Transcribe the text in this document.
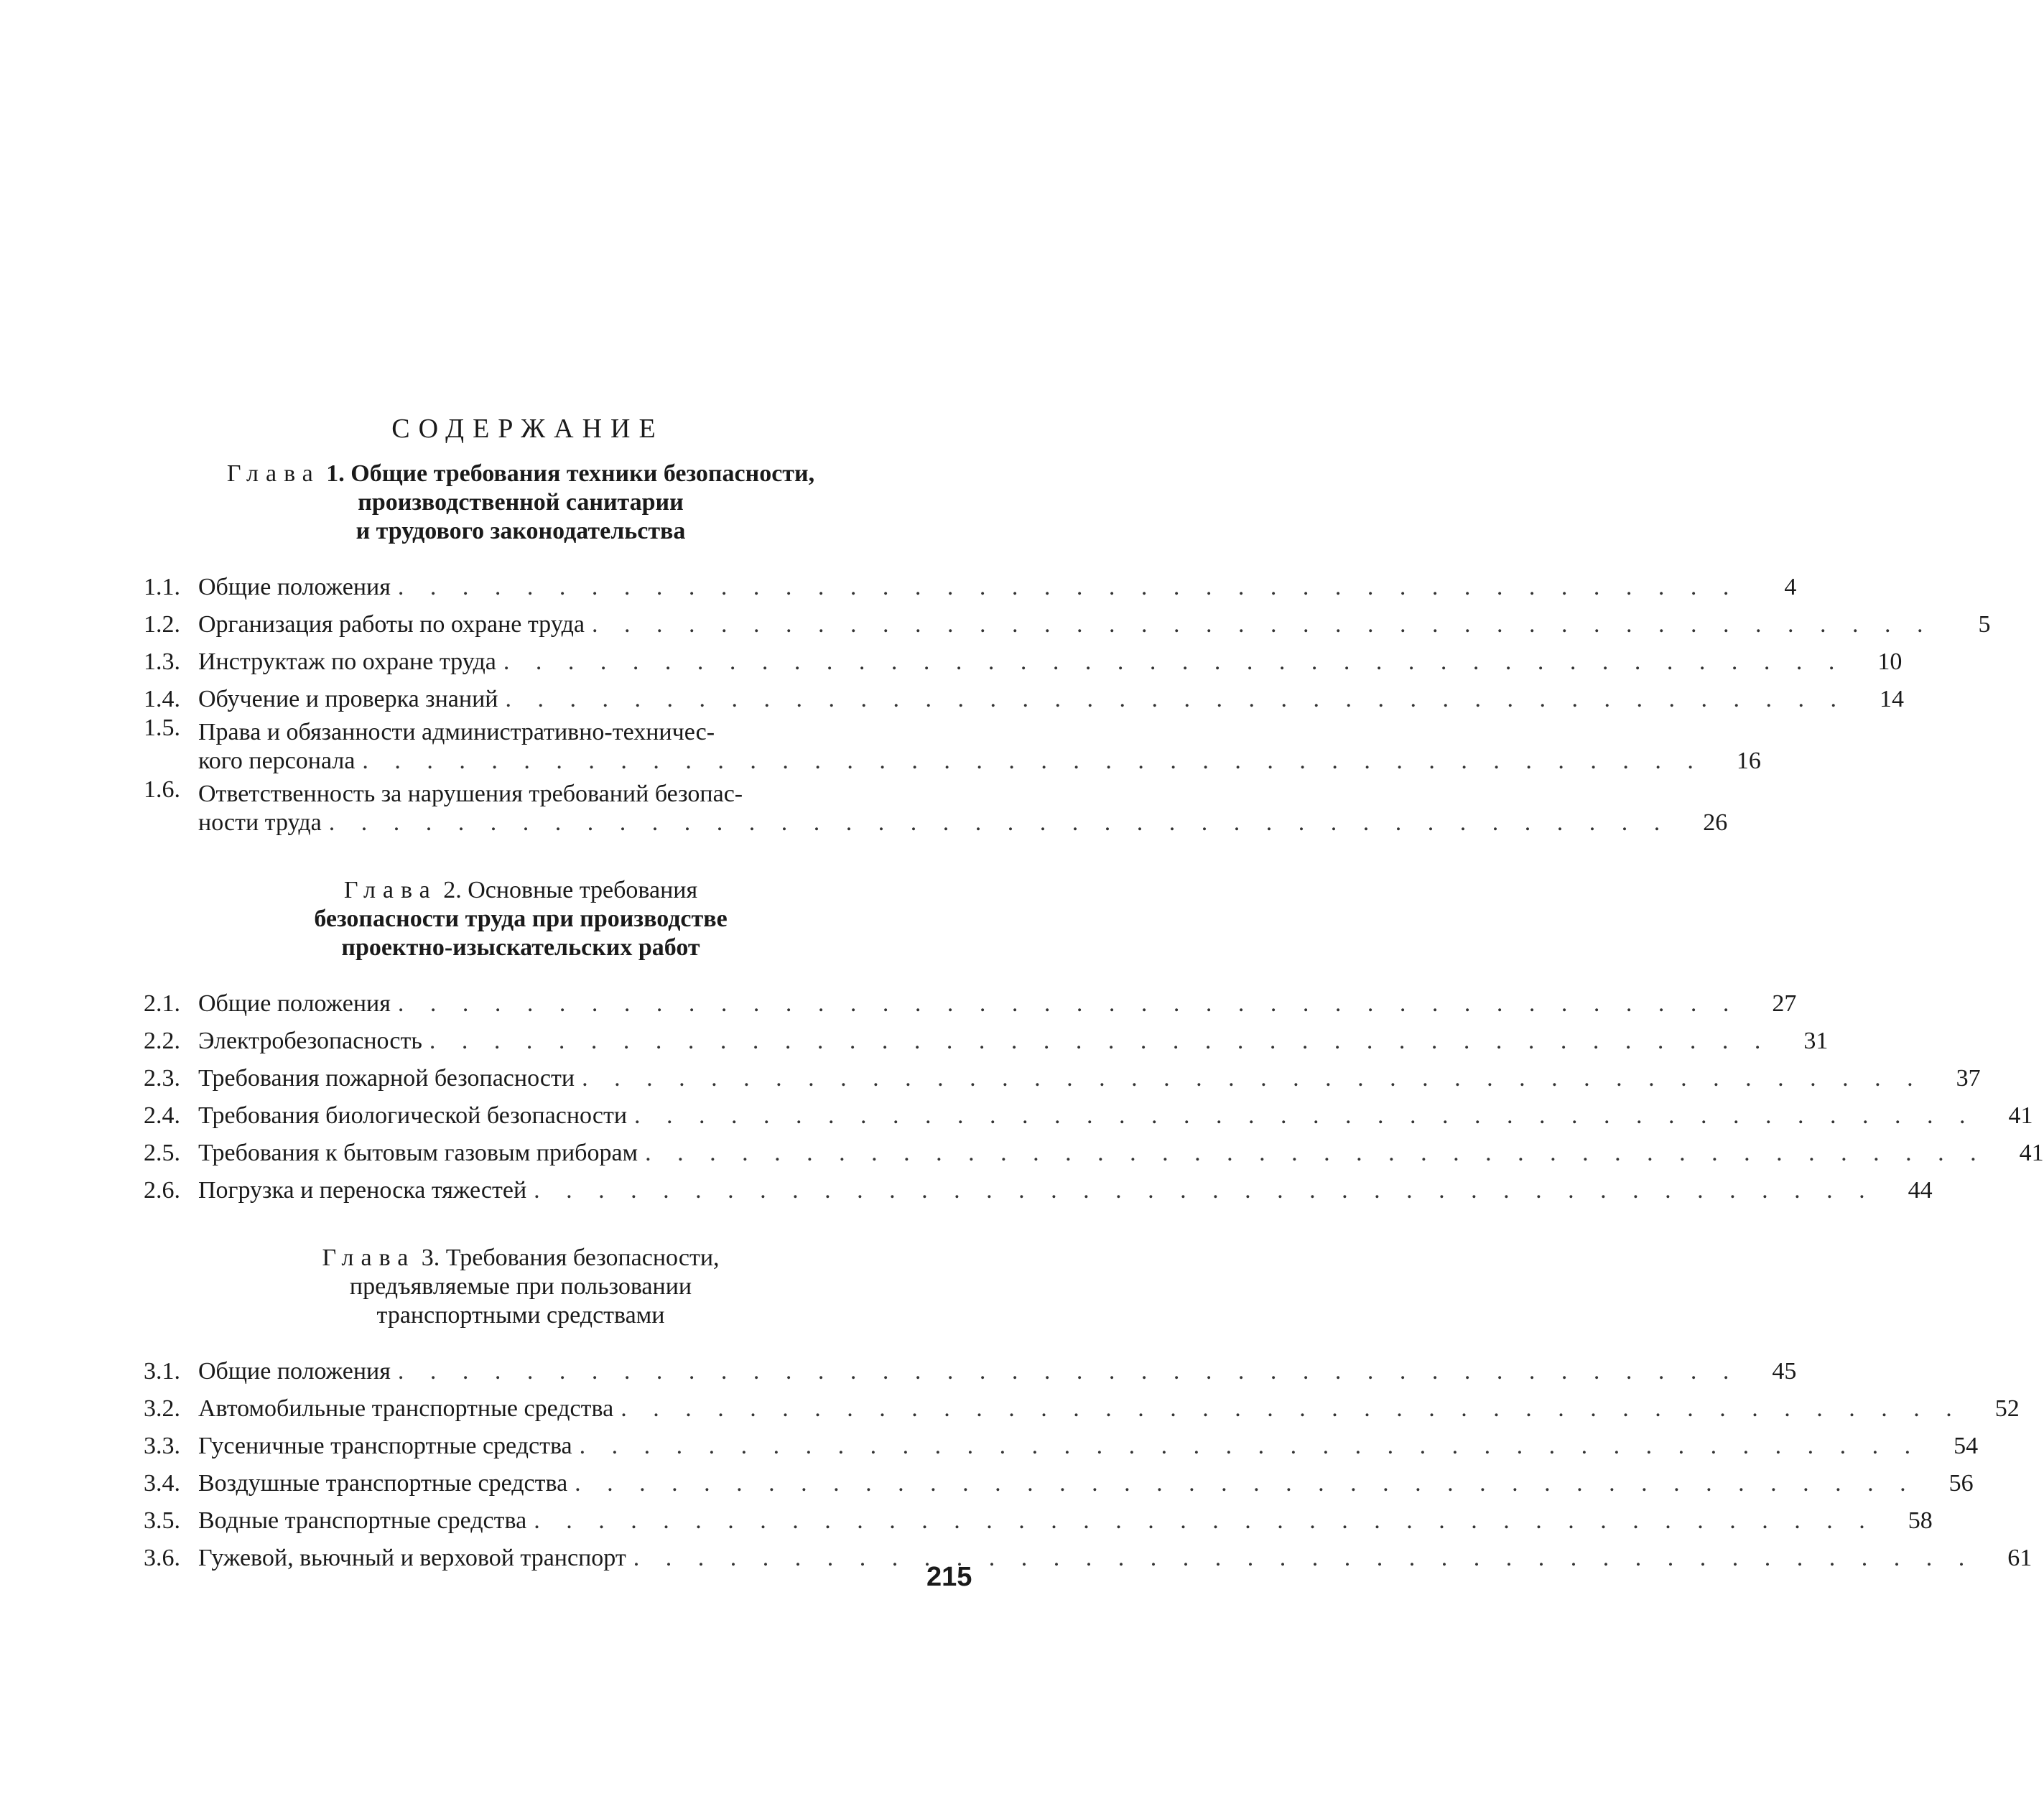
СОДЕРЖАНИЕ
Глава 1. Общие требования техники безопасности,
производственной санитарии
и трудового законодательства
1.1. Общие положения . . .	4
1.2. Организация работы по охране труда . . .	5
1.3. Инструктаж по охране труда . . .	10
1.4. Обучение и проверка знаний . . .	14
1.5. Права и обязанности административно-техничес-
кого персонала . . .	16
1.6. Ответственность за нарушения требований безопас-
ности труда . . .	26
Глава 2. Основные требования
безопасности труда при производстве
проектно-изыскательских работ
2.1. Общие положения . . .	27
2.2. Электробезопасность . . .	31
2.3. Требования пожарной безопасности . . .	37
2.4. Требования биологической безопасности . . .	41
2.5. Требования к бытовым газовым приборам . . .	41
2.6. Погрузка и переноска тяжестей . . .	44
Глава 3. Требования безопасности,
предъявляемые при пользовании
транспортными средствами
3.1. Общие положения . . .	45
3.2. Автомобильные транспортные средства . . .	52
3.3. Гусеничные транспортные средства . . .	54
3.4. Воздушные транспортные средства . . .	56
3.5. Водные транспортные средства . . .	58
3.6. Гужевой, вьючный и верховой транспорт . . .	61
215
